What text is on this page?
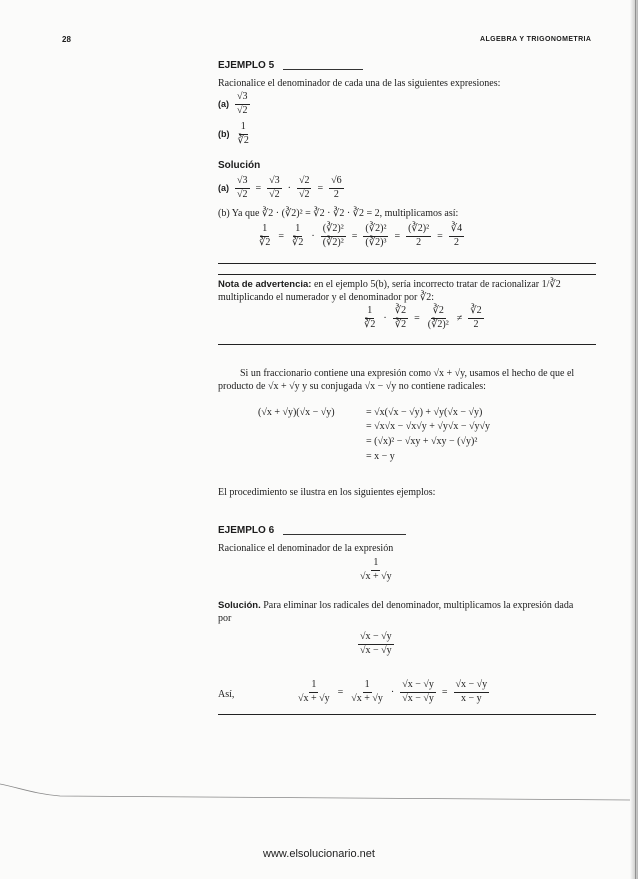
28	ALGEBRA Y TRIGONOMETRIA
EJEMPLO 5
Racionalice el denominador de cada una de las siguientes expresiones:
$(a) \frac{√3}{√2}$
$(b) \frac{1}{∛2}$
Solución
$(a) \frac{√3}{√2} = \frac{√3}{√2} \cdot \frac{√2}{√2} = \frac{√6}{2}$
(b) Ya que ∛2 · (∛2)² = ∛2 · ∛2 · ∛2 = 2, multiplicamos así:
$\frac{1}{∛2} = \frac{1}{∛2} \cdot \frac{\text{(∛2)²}}{\text{(∛2)²}} = \frac{\text{(∛2)²}}{\text{(∛2)³}} = \frac{\text{(∛2)²}}{2} = \frac{∛4}{2}$
Nota de advertencia: en el ejemplo 5(b), sería incorrecto tratar de racionalizar 1/∛2
multiplicando el numerador y el denominador por ∛2:
$\frac{1}{∛2} \cdot \frac{∛2}{∛2} = \frac{∛2}{\text{(∛2)²}} \ne \frac{∛2}{2}$
Si un fraccionario contiene una expresión como √x + √y, usamos el hecho de que el
producto de √x + √y y su conjugada √x − √y no contiene radicales:
(√x + √y)(√x − √y)	= √x(√x − √y) + √y(√x − √y)
= √x√x − √x√y + √y√x − √y√y
= (√x)² − √xy + √xy − (√y)²
= x − y
El procedimiento se ilustra en los siguientes ejemplos:
EJEMPLO 6
Racionalice el denominador de la expresión
$\frac{1}{√x + √y}$
Solución. Para eliminar los radicales del denominador, multiplicamos la expresión dada
por
$\frac{√x - √y}{√x - √y}$
Así,	$\frac{1}{√x + √y} = \frac{1}{√x + √y} \cdot \frac{√x - √y}{√x - √y} = \frac{√x - √y}{x - y}$
www.elsolucionario.net
